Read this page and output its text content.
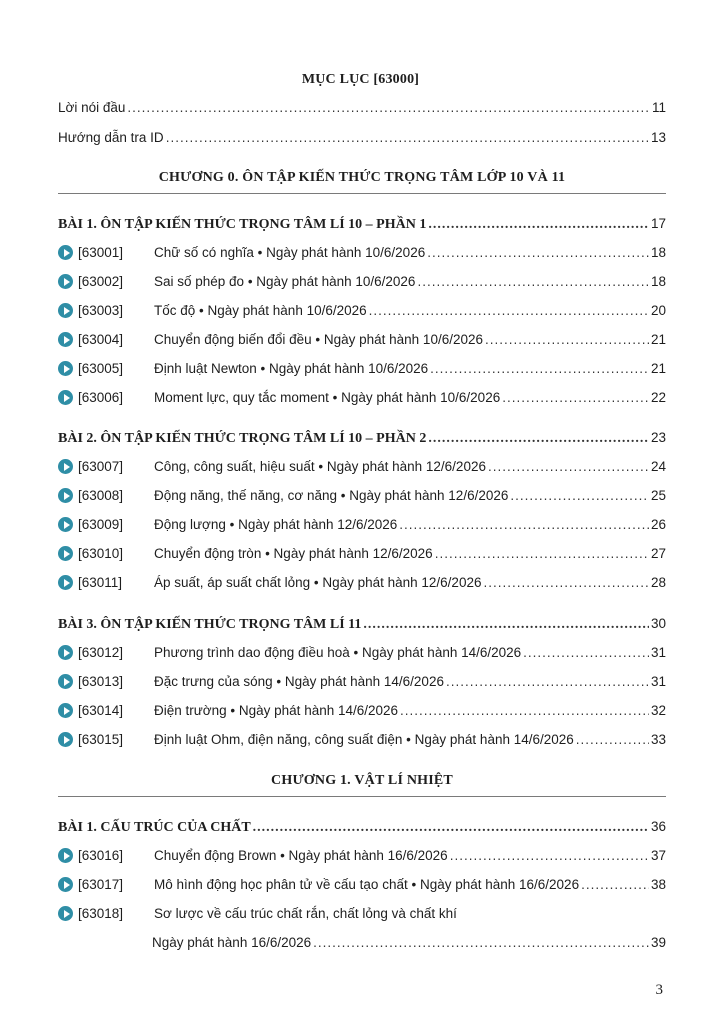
MỤC LỤC [63000]
Lời nói đầu .....	11
Hướng dẫn tra ID .....	13
CHƯƠNG 0. ÔN TẬP KIẾN THỨC TRỌNG TÂM LỚP 10 VÀ 11
BÀI 1. ÔN TẬP KIẾN THỨC TRỌNG TÂM LÍ 10 – PHẦN 1 .....	17
[63001]	Chữ số có nghĩa • Ngày phát hành 10/6/2026 .....	18
[63002]	Sai số phép đo • Ngày phát hành 10/6/2026 .....	18
[63003]	Tốc độ • Ngày phát hành 10/6/2026 .....	20
[63004]	Chuyển động biến đổi đều • Ngày phát hành 10/6/2026 .....	21
[63005]	Định luật Newton • Ngày phát hành 10/6/2026 .....	21
[63006]	Moment lực, quy tắc moment • Ngày phát hành 10/6/2026 .....	22
BÀI 2. ÔN TẬP KIẾN THỨC TRỌNG TÂM LÍ 10 – PHẦN 2 .....	23
[63007]	Công, công suất, hiệu suất • Ngày phát hành 12/6/2026 .....	24
[63008]	Động năng, thế năng, cơ năng • Ngày phát hành 12/6/2026 .....	25
[63009]	Động lượng • Ngày phát hành 12/6/2026 .....	26
[63010]	Chuyển động tròn • Ngày phát hành 12/6/2026 .....	27
[63011]	Áp suất, áp suất chất lỏng • Ngày phát hành 12/6/2026 .....	28
BÀI 3. ÔN TẬP KIẾN THỨC TRỌNG TÂM LÍ 11 .....	30
[63012]	Phương trình dao động điều hoà • Ngày phát hành 14/6/2026 .....	31
[63013]	Đặc trưng của sóng • Ngày phát hành 14/6/2026 .....	31
[63014]	Điện trường • Ngày phát hành 14/6/2026 .....	32
[63015]	Định luật Ohm, điện năng, công suất điện • Ngày phát hành 14/6/2026 .....	33
CHƯƠNG 1. VẬT LÍ NHIỆT
BÀI 1. CẤU TRÚC CỦA CHẤT .....	36
[63016]	Chuyển động Brown • Ngày phát hành 16/6/2026 .....	37
[63017]	Mô hình động học phân tử về cấu tạo chất • Ngày phát hành 16/6/2026 .....	38
[63018]	Sơ lược về cấu trúc chất rắn, chất lỏng và chất khí
Ngày phát hành 16/6/2026 .....	39
3
